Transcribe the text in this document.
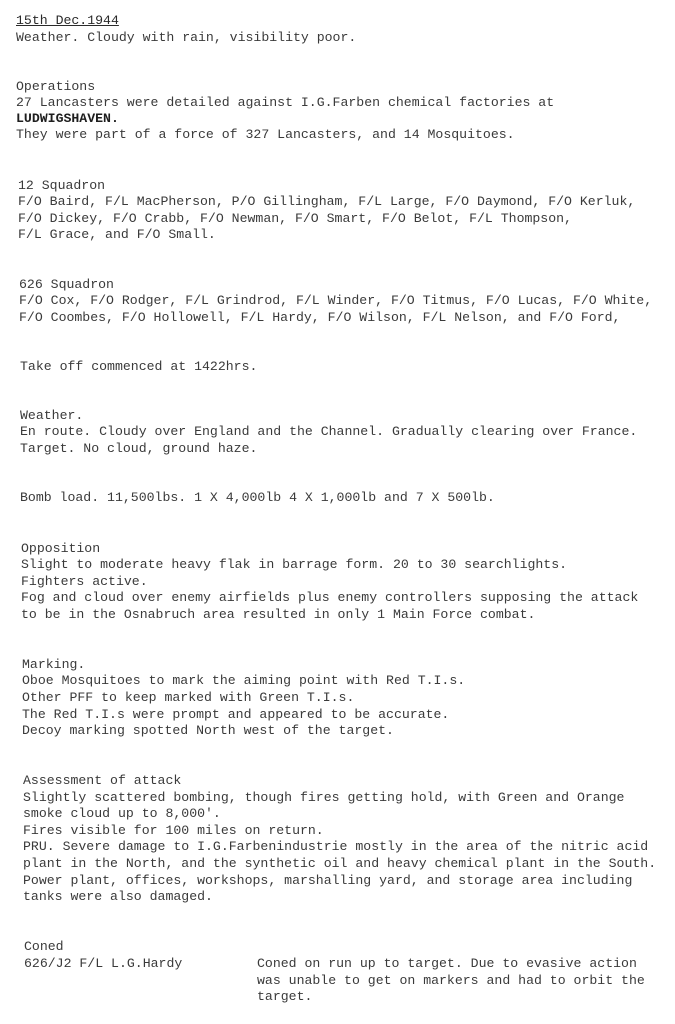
15th Dec.1944
Weather. Cloudy with rain, visibility poor.
Operations
27 Lancasters were detailed against I.G.Farben chemical factories at
LUDWIGSHAVEN.
They were part of a force of 327 Lancasters, and 14 Mosquitoes.
12 Squadron
F/O Baird, F/L MacPherson, P/O Gillingham, F/L Large, F/O Daymond, F/O Kerluk,
F/O Dickey, F/O Crabb, F/O Newman, F/O Smart, F/O Belot, F/L Thompson,
F/L Grace, and F/O Small.
626 Squadron
F/O Cox, F/O Rodger, F/L Grindrod, F/L Winder, F/O Titmus, F/O Lucas, F/O White,
F/O Coombes, F/O Hollowell, F/L Hardy, F/O Wilson, F/L Nelson, and F/O Ford,
Take off commenced at 1422hrs.
Weather.
En route. Cloudy over England and the Channel. Gradually clearing over France.
Target. No cloud, ground haze.
Bomb load. 11,500lbs. 1 X 4,000lb 4 X 1,000lb and 7 X 500lb.
Opposition
Slight to moderate heavy flak in barrage form. 20 to 30 searchlights.
Fighters active.
Fog and cloud over enemy airfields plus enemy controllers supposing the attack
to be in the Osnabruch area resulted in only 1 Main Force combat.
Marking.
Oboe Mosquitoes to mark the aiming point with Red T.I.s.
Other PFF to keep marked with Green T.I.s.
The Red T.I.s were prompt and appeared to be accurate.
Decoy marking spotted North west of the target.
Assessment of attack
Slightly scattered bombing, though fires getting hold, with Green and Orange
smoke cloud up to 8,000'.
Fires visible for 100 miles on return.
PRU. Severe damage to I.G.Farbenindustrie mostly in the area of the nitric acid
plant in the North, and the synthetic oil and heavy chemical plant in the South.
Power plant, offices, workshops, marshalling yard, and storage area including
tanks were also damaged.
Coned
626/J2 F/L L.G.Hardy	Coned on run up to target. Due to evasive action
was unable to get on markers and had to orbit the
target.
